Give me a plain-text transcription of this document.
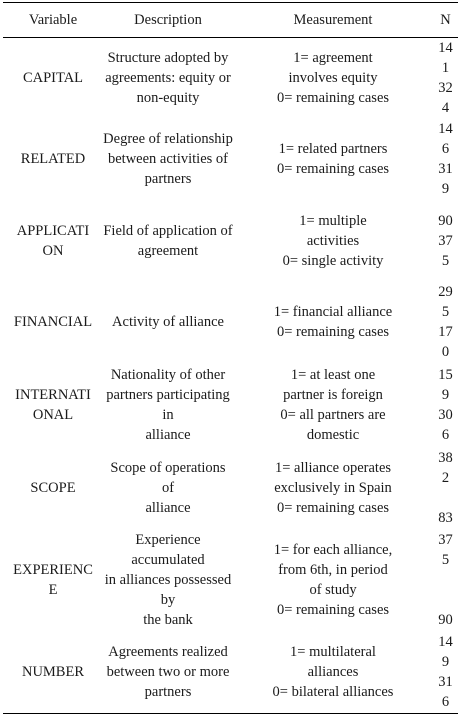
Variable	Description	Measurement	N
CAPITAL	Structure adopted by
agreements: equity or
non-equity	1= agreement
involves equity
0= remaining cases	14
1
32
4
RELATED	Degree of relationship
between activities of
partners	1= related partners
0= remaining cases	14
6
31
9
APPLICATI
ON	Field of application of
agreement	1= multiple
activities
0= single activity	90
37
5
FINANCIAL	Activity of alliance	1= financial alliance
0= remaining cases	29
5
17
0
INTERNATI
ONAL	Nationality of other
partners participating in
alliance	1= at least one
partner is foreign
0= all partners are
domestic	15
9
30
6
SCOPE	Scope of operations of
alliance	1= alliance operates
exclusively in Spain
0= remaining cases	38
2

83
EXPERIENC
E	Experience accumulated
in alliances possessed by
the bank	1= for each alliance,
from 6th, in period
of study
0= remaining cases	37
5

90
NUMBER	Agreements realized
between two or more
partners	1= multilateral
alliances
0= bilateral alliances	14
9
31
6
